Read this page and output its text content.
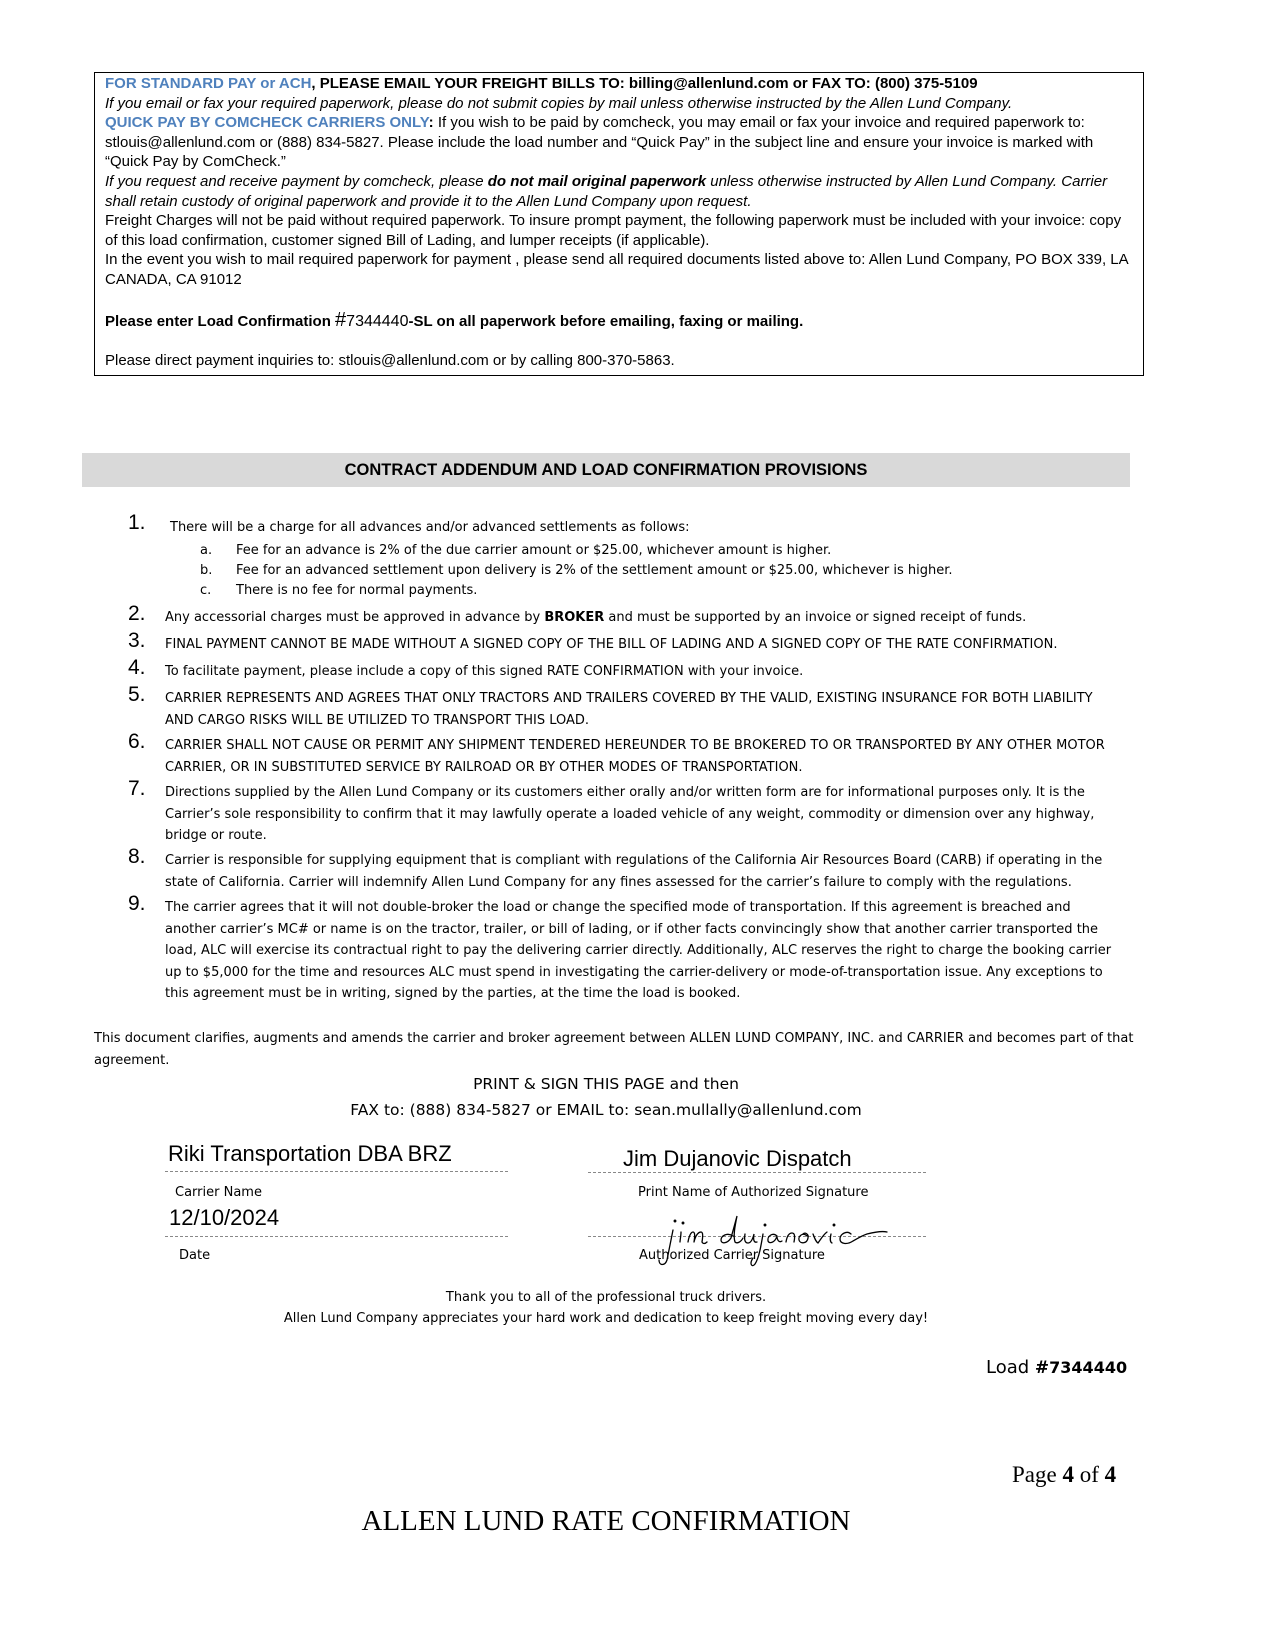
FOR STANDARD PAY or ACH, PLEASE EMAIL YOUR FREIGHT BILLS TO: billing@allenlund.com or FAX TO: (800) 375-5109
If you email or fax your required paperwork, please do not submit copies by mail unless otherwise instructed by the Allen Lund Company.
QUICK PAY BY COMCHECK CARRIERS ONLY: If you wish to be paid by comcheck, you may email or fax your invoice and required paperwork to: stlouis@allenlund.com or (888) 834-5827. Please include the load number and “Quick Pay” in the subject line and ensure your invoice is marked with “Quick Pay by ComCheck.”
If you request and receive payment by comcheck, please do not mail original paperwork unless otherwise instructed by Allen Lund Company. Carrier shall retain custody of original paperwork and provide it to the Allen Lund Company upon request.
Freight Charges will not be paid without required paperwork. To insure prompt payment, the following paperwork must be included with your invoice: copy of this load confirmation, customer signed Bill of Lading, and lumper receipts (if applicable).
In the event you wish to mail required paperwork for payment , please send all required documents listed above to: Allen Lund Company, PO BOX 339, LA CANADA, CA 91012
Please enter Load Confirmation #7344440-SL on all paperwork before emailing, faxing or mailing.
Please direct payment inquiries to: stlouis@allenlund.com or by calling 800-370-5863.
CONTRACT ADDENDUM AND LOAD CONFIRMATION PROVISIONS
1. There will be a charge for all advances and/or advanced settlements as follows:
a. Fee for an advance is 2% of the due carrier amount or $25.00, whichever amount is higher.
b. Fee for an advanced settlement upon delivery is 2% of the settlement amount or $25.00, whichever is higher.
c. There is no fee for normal payments.
2. Any accessorial charges must be approved in advance by BROKER and must be supported by an invoice or signed receipt of funds.
3. FINAL PAYMENT CANNOT BE MADE WITHOUT A SIGNED COPY OF THE BILL OF LADING AND A SIGNED COPY OF THE RATE CONFIRMATION.
4. To facilitate payment, please include a copy of this signed RATE CONFIRMATION with your invoice.
5. CARRIER REPRESENTS AND AGREES THAT ONLY TRACTORS AND TRAILERS COVERED BY THE VALID, EXISTING INSURANCE FOR BOTH LIABILITY AND CARGO RISKS WILL BE UTILIZED TO TRANSPORT THIS LOAD.
6. CARRIER SHALL NOT CAUSE OR PERMIT ANY SHIPMENT TENDERED HEREUNDER TO BE BROKERED TO OR TRANSPORTED BY ANY OTHER MOTOR CARRIER, OR IN SUBSTITUTED SERVICE BY RAILROAD OR BY OTHER MODES OF TRANSPORTATION.
7. Directions supplied by the Allen Lund Company or its customers either orally and/or written form are for informational purposes only. It is the Carrier’s sole responsibility to confirm that it may lawfully operate a loaded vehicle of any weight, commodity or dimension over any highway, bridge or route.
8. Carrier is responsible for supplying equipment that is compliant with regulations of the California Air Resources Board (CARB) if operating in the state of California. Carrier will indemnify Allen Lund Company for any fines assessed for the carrier’s failure to comply with the regulations.
9. The carrier agrees that it will not double-broker the load or change the specified mode of transportation. If this agreement is breached and another carrier’s MC# or name is on the tractor, trailer, or bill of lading, or if other facts convincingly show that another carrier transported the load, ALC will exercise its contractual right to pay the delivering carrier directly. Additionally, ALC reserves the right to charge the booking carrier up to $5,000 for the time and resources ALC must spend in investigating the carrier-delivery or mode-of-transportation issue. Any exceptions to this agreement must be in writing, signed by the parties, at the time the load is booked.
This document clarifies, augments and amends the carrier and broker agreement between ALLEN LUND COMPANY, INC. and CARRIER and becomes part of that agreement.
PRINT & SIGN THIS PAGE and then
FAX to: (888) 834-5827 or EMAIL to: sean.mullally@allenlund.com
Riki Transportation DBA BRZ
Carrier Name
Jim Dujanovic Dispatch
Print Name of Authorized Signature
12/10/2024
Date	Authorized Carrier Signature
Thank you to all of the professional truck drivers.
Allen Lund Company appreciates your hard work and dedication to keep freight moving every day!
Load #7344440
Page 4 of 4
ALLEN LUND RATE CONFIRMATION
